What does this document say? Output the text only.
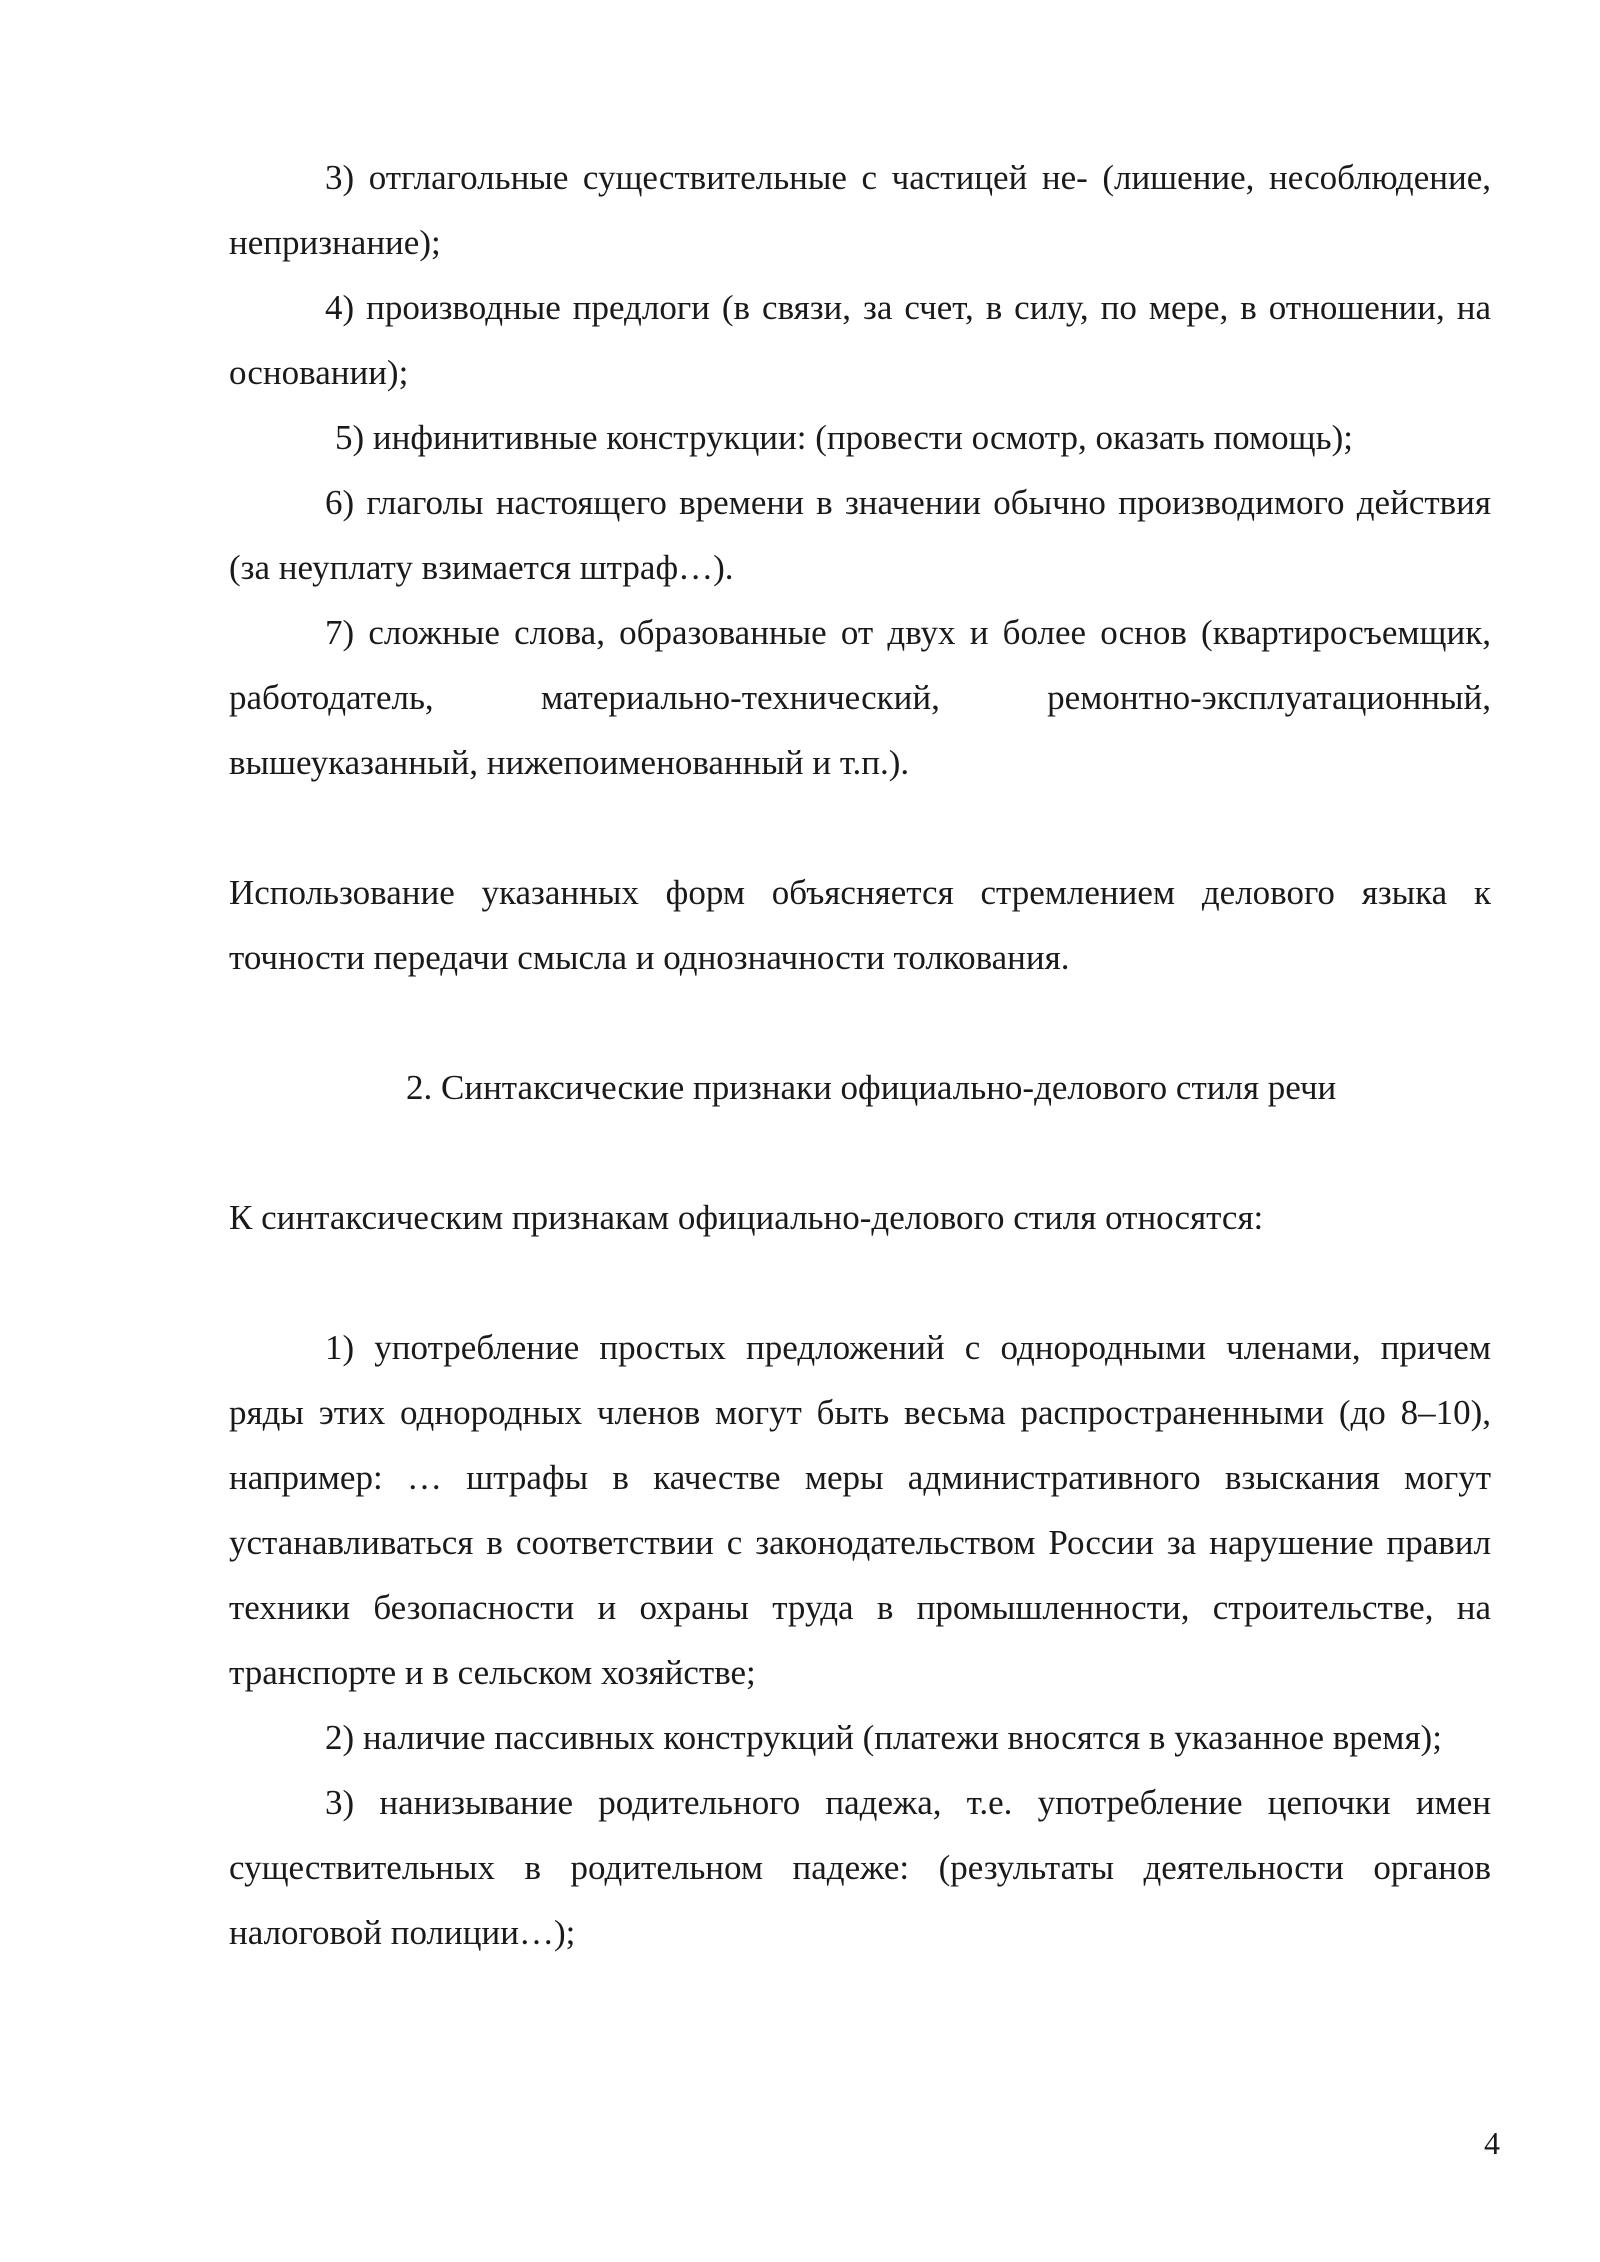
3) отглагольные существительные с частицей не- (лишение, несоблюдение, непризнание);

4) производные предлоги (в связи, за счет, в силу, по мере, в отношении, на основании);

5) инфинитивные конструкции: (провести осмотр, оказать помощь);

6) глаголы настоящего времени в значении обычно производимого действия (за неуплату взимается штраф…).

7) сложные слова, образованные от двух и более основ (квартиросъемщик, работодатель, материально-технический, ремонтно-эксплуатационный, вышеуказанный, нижепоименованный и т.п.).

Использование указанных форм объясняется стремлением делового языка к точности передачи смысла и однозначности толкования.

2. Синтаксические признаки официально-делового стиля речи

К синтаксическим признакам официально-делового стиля относятся:

1) употребление простых предложений с однородными членами, причем ряды этих однородных членов могут быть весьма распространенными (до 8–10), например: … штрафы в качестве меры административного взыскания могут устанавливаться в соответствии с законодательством России за нарушение правил техники безопасности и охраны труда в промышленности, строительстве, на транспорте и в сельском хозяйстве;

2) наличие пассивных конструкций (платежи вносятся в указанное время);

3) нанизывание родительного падежа, т.е. употребление цепочки имен существительных в родительном падеже: (результаты деятельности органов налоговой полиции…);

4
